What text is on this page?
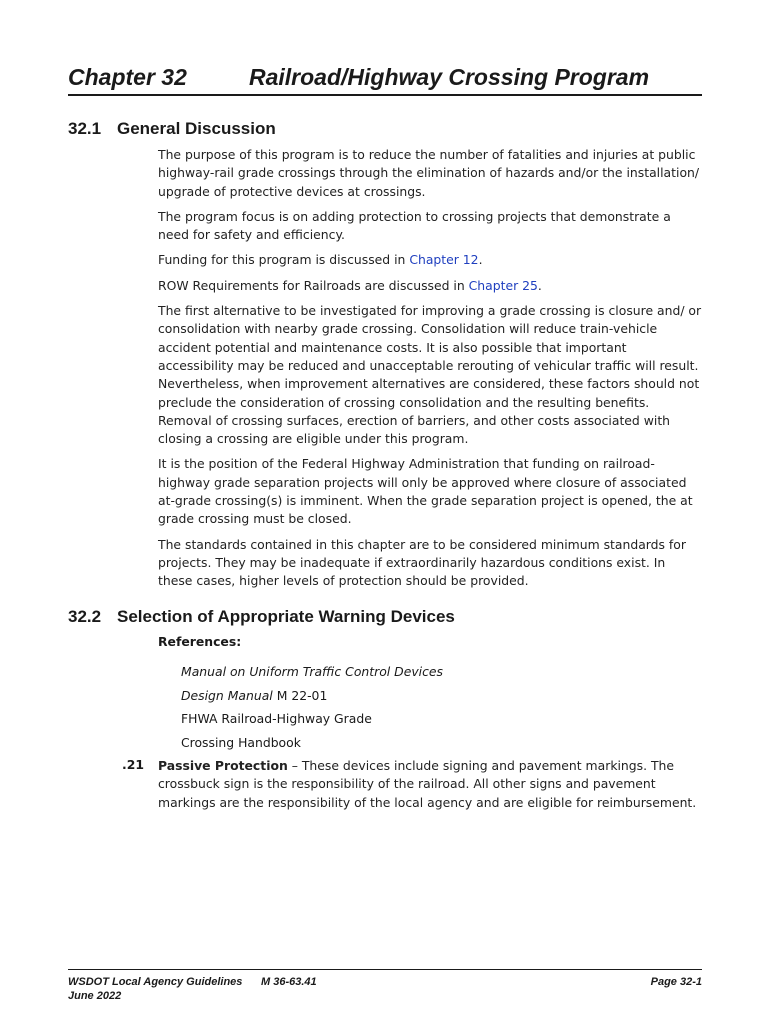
Chapter 32	Railroad/Highway Crossing Program
32.1 General Discussion

The purpose of this program is to reduce the number of fatalities and injuries at public highway-rail grade crossings through the elimination of hazards and/or the installation/ upgrade of protective devices at crossings.

The program focus is on adding protection to crossing projects that demonstrate a need for safety and efficiency.

Funding for this program is discussed in Chapter 12.

ROW Requirements for Railroads are discussed in Chapter 25.

The first alternative to be investigated for improving a grade crossing is closure and/ or consolidation with nearby grade crossing. Consolidation will reduce train-vehicle accident potential and maintenance costs. It is also possible that important accessibility may be reduced and unacceptable rerouting of vehicular traffic will result. Nevertheless, when improvement alternatives are considered, these factors should not preclude the consideration of crossing consolidation and the resulting benefits. Removal of crossing surfaces, erection of barriers, and other costs associated with closing a crossing are eligible under this program.

It is the position of the Federal Highway Administration that funding on railroad-highway grade separation projects will only be approved where closure of associated at-grade crossing(s) is imminent. When the grade separation project is opened, the at grade crossing must be closed.

The standards contained in this chapter are to be considered minimum standards for projects. They may be inadequate if extraordinarily hazardous conditions exist. In these cases, higher levels of protection should be provided.

32.2 Selection of Appropriate Warning Devices
References:
Manual on Uniform Traffic Control Devices
Design Manual M 22-01
FHWA Railroad-Highway Grade
Crossing Handbook
.21 Passive Protection – These devices include signing and pavement markings. The crossbuck sign is the responsibility of the railroad. All other signs and pavement markings are the responsibility of the local agency and are eligible for reimbursement.
WSDOT Local Agency Guidelines M 36-63.41	Page 32-1
June 2022
